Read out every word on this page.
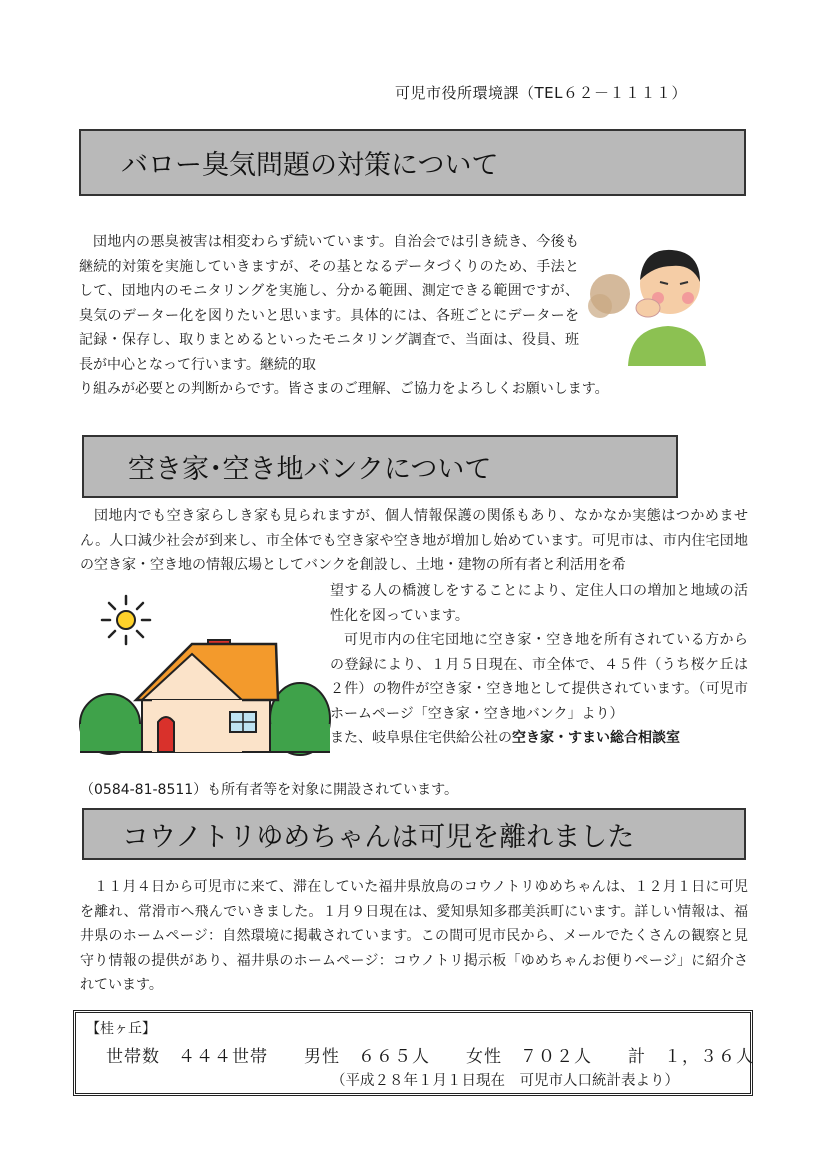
可児市役所環境課（TEL６２－１１１１）
バロー臭気問題の対策について

団地内の悪臭被害は相変わらず続いています。自治会では引き続き、今後も継続的対策を実施していきますが、その基となるデータづくりのため、手法として、団地内のモニタリングを実施し、分かる範囲、測定できる範囲ですが、臭気のデーター化を図りたいと思います。具体的には、各班ごとにデーターを記録・保存し、取りまとめるといったモニタリング調査で、当面は、役員、班長が中心となって行います。継続的取

り組みが必要との判断からです。皆さまのご理解、ご協力をよろしくお願いします。

空き家･空き地バンクについて

団地内でも空き家らしき家も見られますが、個人情報保護の関係もあり、なかなか実態はつかめません。人口減少社会が到来し、市全体でも空き家や空き地が増加し始めています。可児市は、市内住宅団地の空き家・空き地の情報広場としてバンクを創設し、土地・建物の所有者と利活用を希

望する人の橋渡しをすることにより、定住人口の増加と地域の活性化を図っています。

可児市内の住宅団地に空き家・空き地を所有されている方からの登録により、１月５日現在、市全体で、４５件（うち桜ケ丘は２件）の物件が空き家・空き地として提供されています。（可児市ホームページ「空き家・空き地バンク」より）
また、岐阜県住宅供給公社の空き家・すまい総合相談室

（0584-81-8511）も所有者等を対象に開設されています。

コウノトリゆめちゃんは可児を離れました

１１月４日から可児市に来て、滞在していた福井県放鳥のコウノトリゆめちゃんは、１２月１日に可児を離れ、常滑市へ飛んでいきました。１月９日現在は、愛知県知多郡美浜町にいます。詳しい情報は、福井県のホームページ：自然環境に掲載されています。この間可児市民から、メールでたくさんの観察と見守り情報の提供があり、福井県のホームページ：コウノトリ掲示板「ゆめちゃんお便りページ」に紹介されています。

【桂ヶ丘】
世帯数　 ４４４世帯　　 男性　 ６６５人　　 女性　 ７０２人　　 計　 １，３６人
（平成２８年１月１日現在　可児市人口統計表より）
